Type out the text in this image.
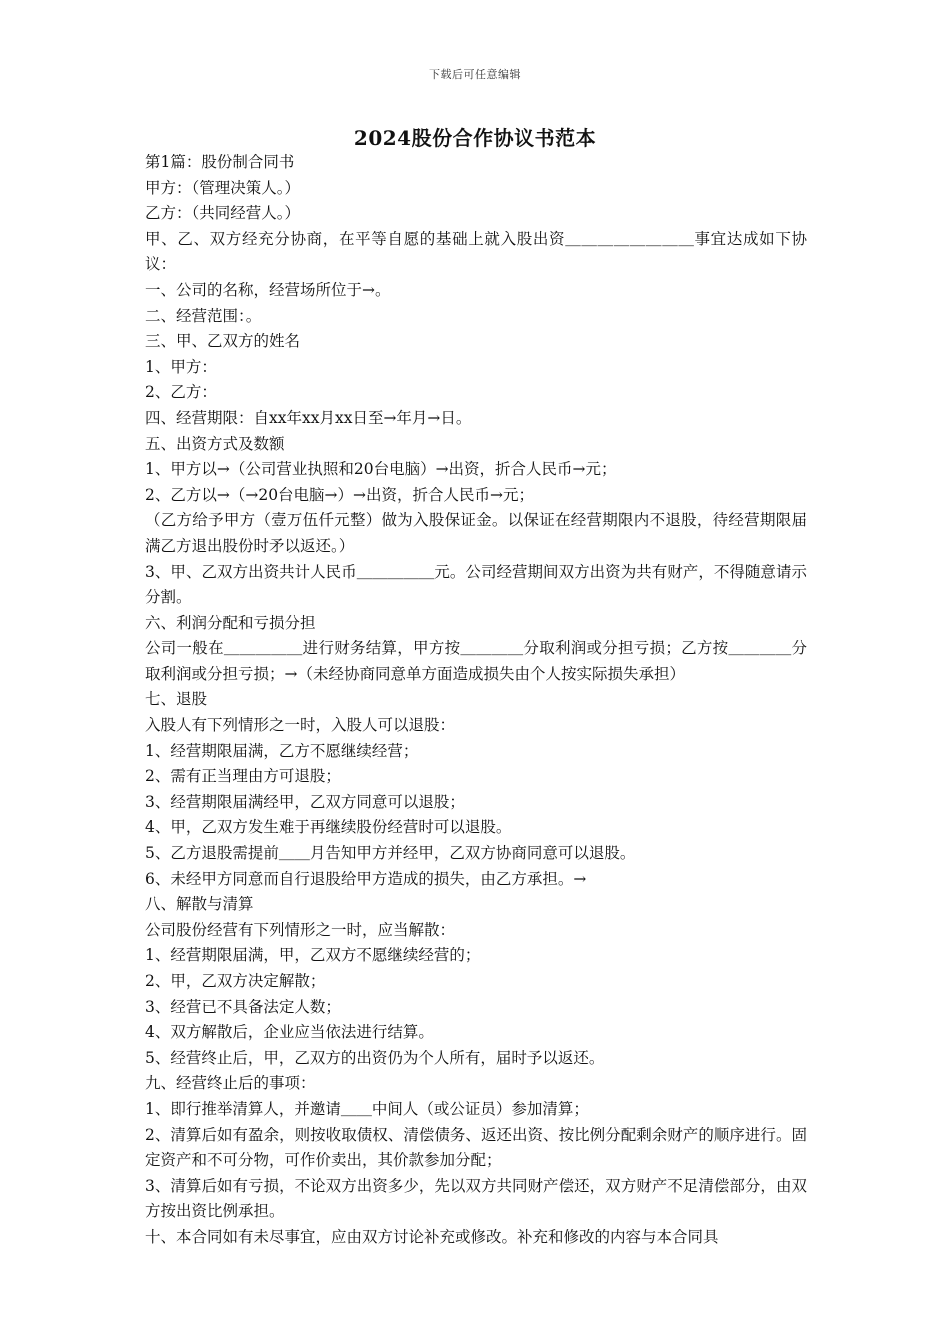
下载后可任意编辑
2024股份合作协议书范本

第1篇：股份制合同书

甲方：（管理决策人。）

乙方：（共同经营人。）

甲、乙、双方经充分协商，在平等自愿的基础上就入股出资＿＿＿＿＿＿＿＿事宜达成如下协议：

一、公司的名称，经营场所位于→。

二、经营范围：。

三、甲、乙双方的姓名

1、甲方：

2、乙方：

四、经营期限：自xx年xx月xx日至→年月→日。

五、出资方式及数额

1、甲方以→（公司营业执照和20台电脑）→出资，折合人民币→元；

2、乙方以→（→20台电脑→）→出资，折合人民币→元；

（乙方给予甲方（壹万伍仟元整）做为入股保证金。以保证在经营期限内不退股，待经营期限届满乙方退出股份时矛以返还。）

3、甲、乙双方出资共计人民币＿＿＿＿＿元。公司经营期间双方出资为共有财产，不得随意请示分割。

六、利润分配和亏损分担

公司一般在＿＿＿＿＿进行财务结算，甲方按＿＿＿＿分取利润或分担亏损；乙方按＿＿＿＿分取利润或分担亏损；→（未经协商同意单方面造成损失由个人按实际损失承担）

七、退股

入股人有下列情形之一时，入股人可以退股：

1、经营期限届满，乙方不愿继续经营；

2、需有正当理由方可退股；

3、经营期限届满经甲，乙双方同意可以退股；

4、甲，乙双方发生难于再继续股份经营时可以退股。

5、乙方退股需提前＿＿月告知甲方并经甲，乙双方协商同意可以退股。

6、未经甲方同意而自行退股给甲方造成的损失，由乙方承担。→

八、解散与清算

公司股份经营有下列情形之一时，应当解散：

1、经营期限届满，甲，乙双方不愿继续经营的；

2、甲，乙双方决定解散；

3、经营已不具备法定人数；

4、双方解散后，企业应当依法进行结算。

5、经营终止后，甲，乙双方的出资仍为个人所有，届时予以返还。

九、经营终止后的事项：

1、即行推举清算人，并邀请＿＿中间人（或公证员）参加清算；

2、清算后如有盈余，则按收取债权、清偿债务、返还出资、按比例分配剩余财产的顺序进行。固定资产和不可分物，可作价卖出，其价款参加分配；

3、清算后如有亏损，不论双方出资多少，先以双方共同财产偿还，双方财产不足清偿部分，由双方按出资比例承担。

十、本合同如有未尽事宜，应由双方讨论补充或修改。补充和修改的内容与本合同具
